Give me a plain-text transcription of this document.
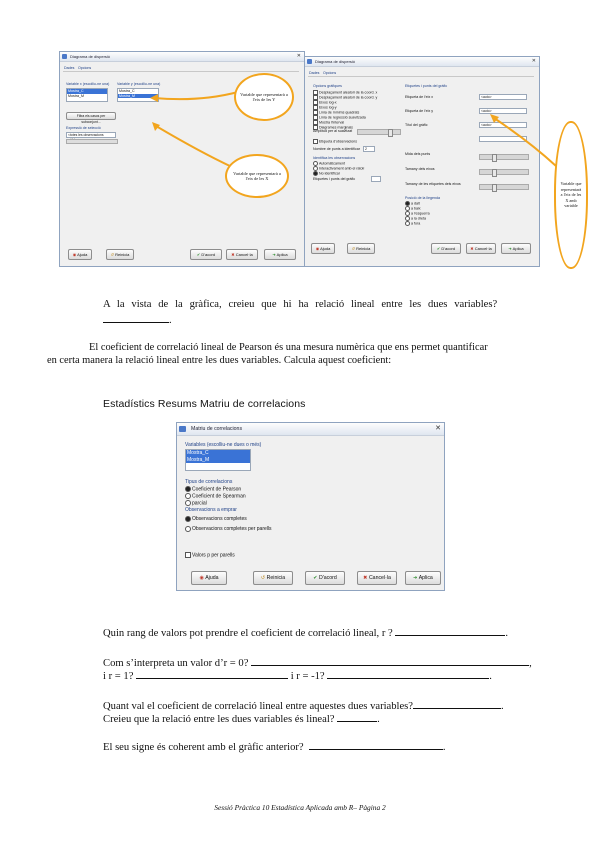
Diagrama de dispersió	✕
Dades Opcions
Variable x (escolliu-ne una)
Mostra_C
Mostra_M
Variable y (escolliu-ne una)
Mostra_C
Mostra_M
Filtra els casos per subconjunt...
Expressió de selecció
<totes les observacions
◉ Ajuda	↺ Reinicia	✔ D'acord	✖ Cancel·la	➜ Aplica
Variable que representarà a l'eix de les Y
Variable que representarà a l'eix de les X
Diagrama de dispersió	✕
Dades Opcions
Opcions gràfiques
Desplaçament aleatori de la coord. x
Desplaçament aleatori de la coord. y
Eixos log-x
Eixos log-y
Línia de mínims quadrats
Línia de regressió suavitzada
Mostra l'interval
Diagrames marginals
Amplitud per al suavitzat
Etiqueta d'observacions
Nombre de punts a identificar	2
Identifica les observacions
Automàticament
Interactivament amb el ratolí
No identificar
Etiquetes i punts del gràfic
Etiquetes i punts del gràfic
Etiqueta de l'eix x	<auto>
Etiqueta de l'eix y	<auto>
Títol del gràfic	<auto>
Mida dels punts
Tamany dels eixos
Tamany de les etiquetes dels eixos
Posició de la llegenda
a dalt
a baix
a l'esquerra
a la dreta
a fora
◉ Ajuda	↺ Reinicia	✔ D'acord	✖ Cancel·la	➜ Aplica
Variable que representarà a l'eix de les X amb variable
A la vista de la gràfica, creieu que hi ha relació lineal entre les dues variables?
.
El coeficient de correlació lineal de Pearson és una mesura numèrica que ens permet quantificar
en certa manera la relació lineal entre les dues variables. Calcula aquest coeficient:
Estadístics Resums Matriu de correlacions
Matriu de correlacions	✕
Variables (escolliu-ne dues o més)
Mostra_C
Mostra_M
Tipus de correlacions
Coeficient de Pearson
Coeficient de Spearman
parcial
Observacions a emprar
Observacions completes
Observacions completes per parells
Valors p per parells
◉ Ajuda	↺ Reinicia	✔ D'acord	✖ Cancel·la	➜ Aplica
Quin rang de valors pot prendre el coeficient de correlació lineal, r ?	.
Com s’interpreta un valor d’r = 0?	,
i r = 1?	i r = -1?	.
Quant val el coeficient de correlació lineal entre aquestes dues variables?	.
Creieu que la relació entre les dues variables és lineal?	.
El seu signe és coherent amb el gràfic anterior?	.
Sessió Pràctica 10 Estadística Aplicada amb R– Pàgina 2
